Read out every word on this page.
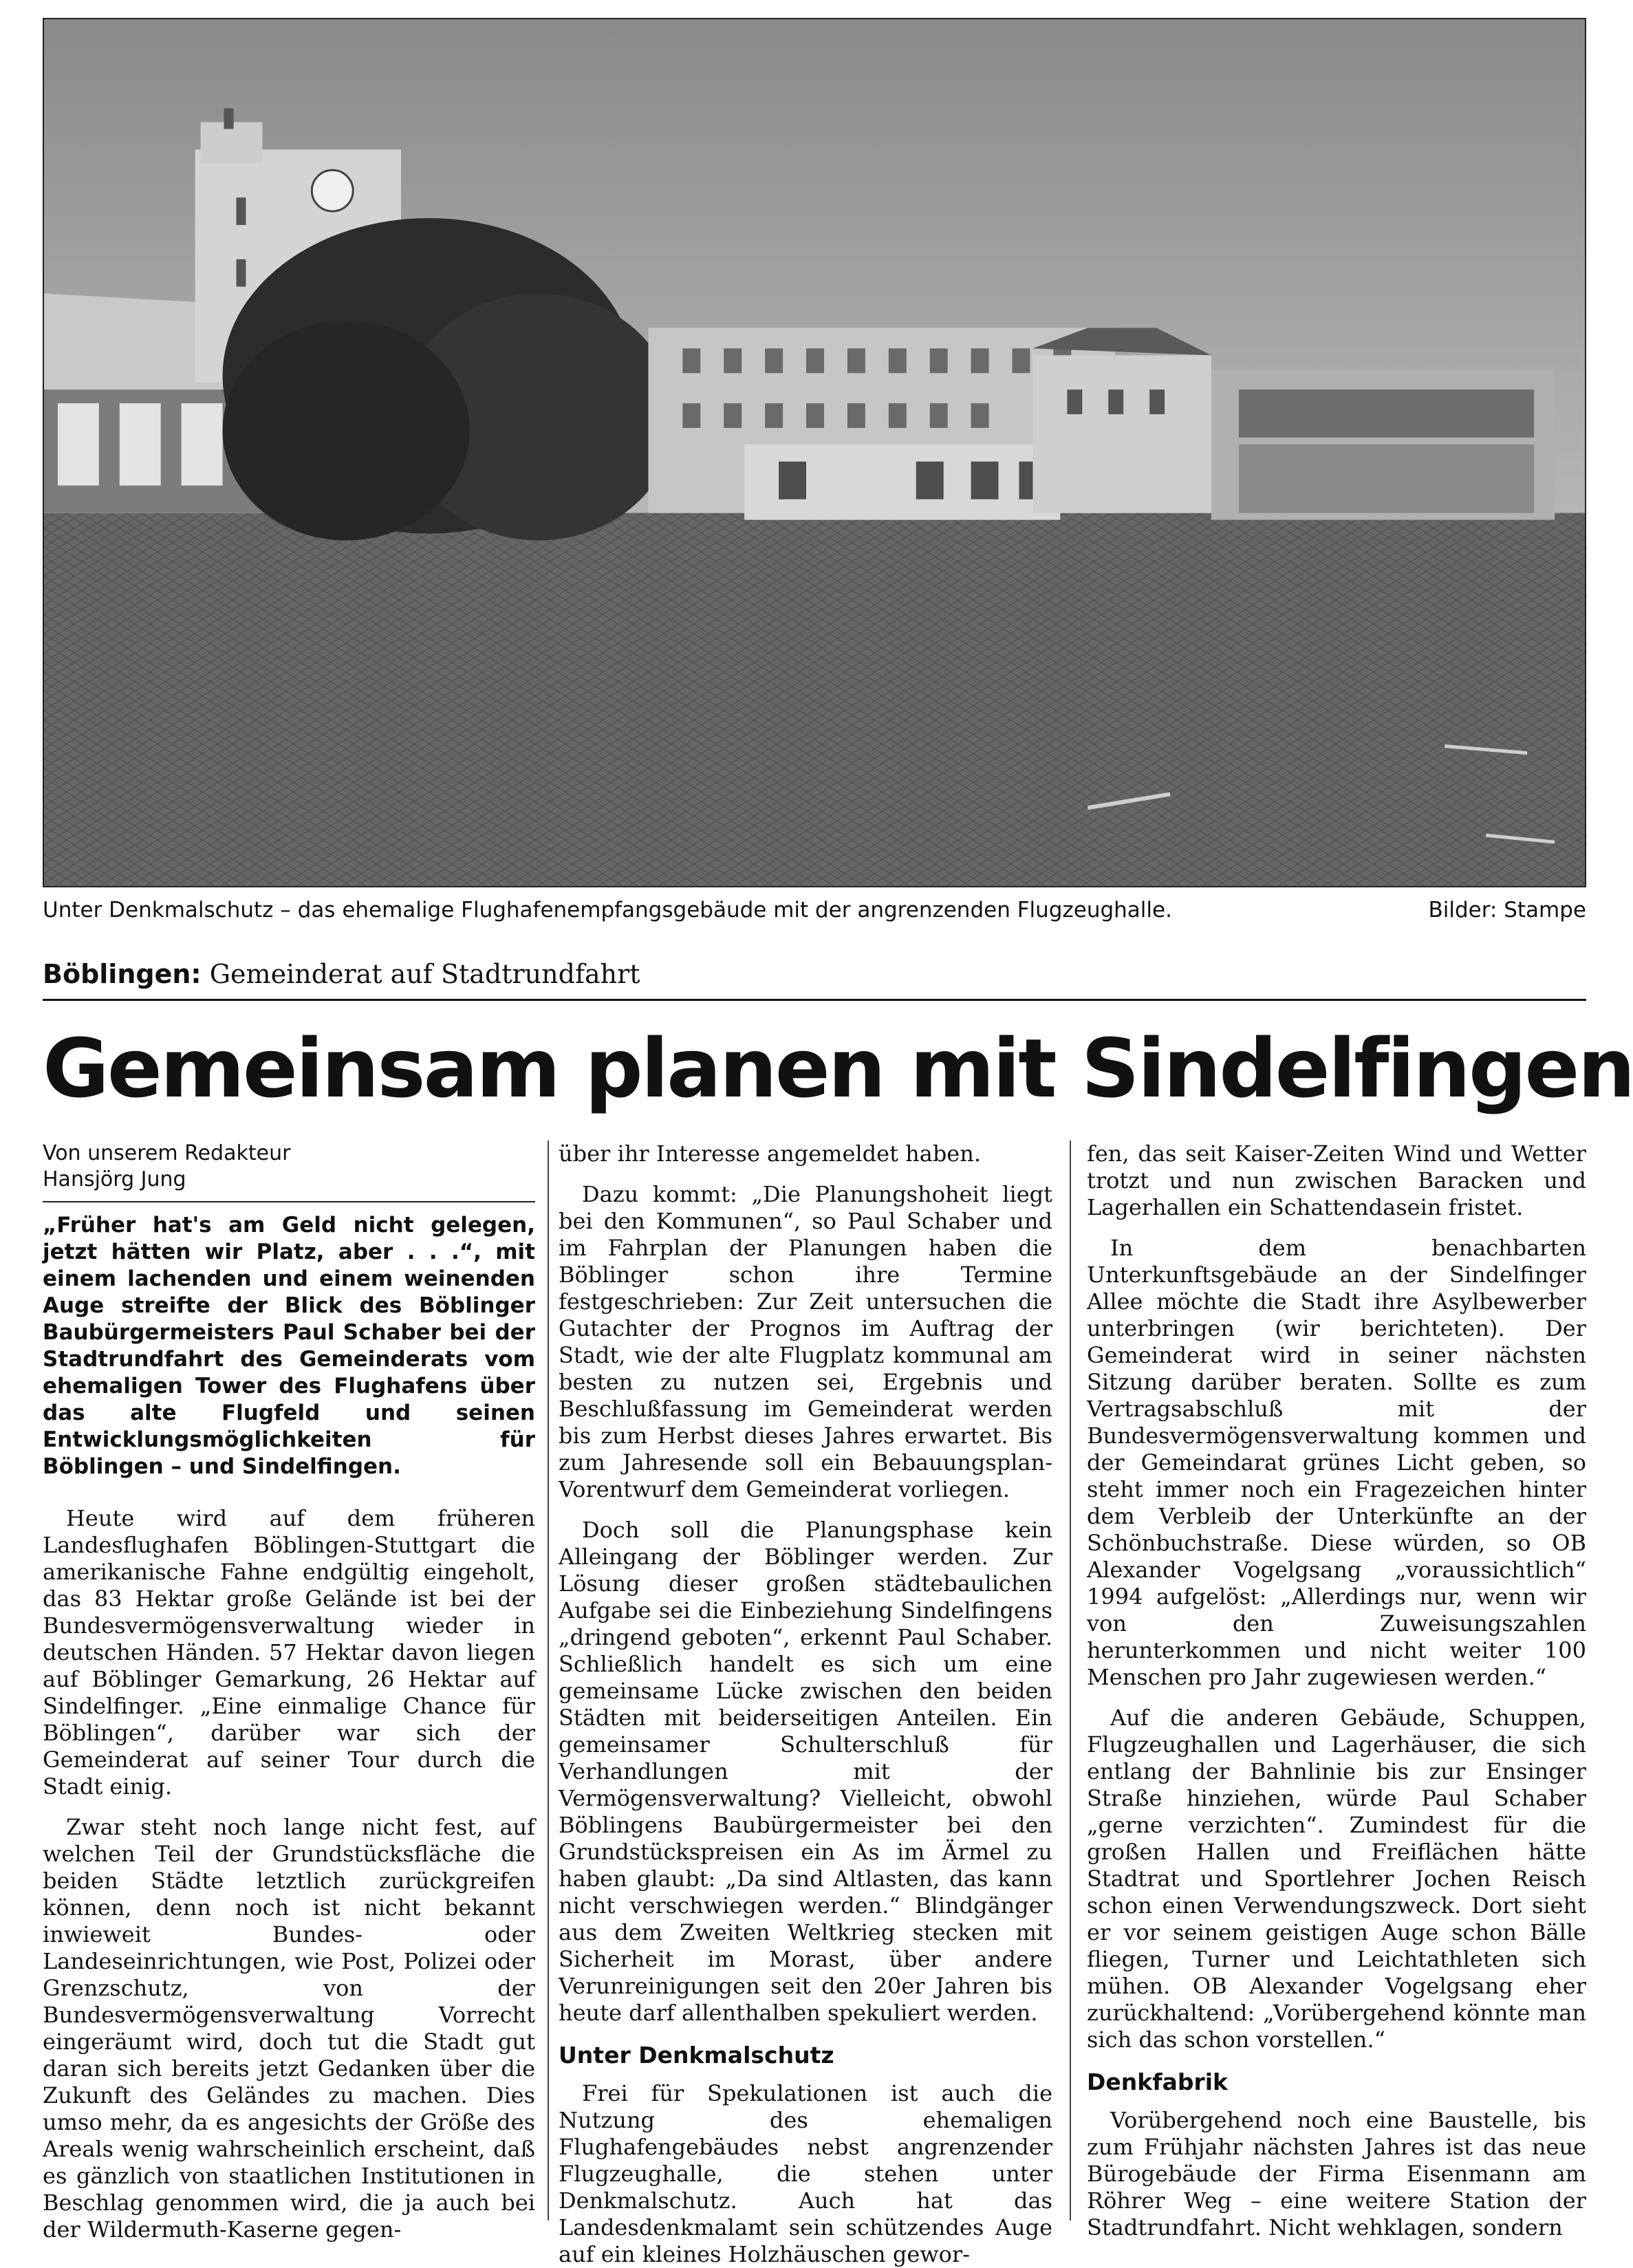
Unter Denkmalschutz – das ehemalige Flughafenempfangsgebäude mit der angrenzenden Flugzeughalle.	Bilder: Stampe
Böblingen: Gemeinderat auf Stadtrundfahrt
Gemeinsam planen mit Sindelfingen
Von unserem Redakteur
Hansjörg Jung
„Früher hat's am Geld nicht gelegen, jetzt hätten wir Platz, aber . . .“, mit einem lachenden und einem weinenden Auge streifte der Blick des Böblinger Baubürgermeisters Paul Schaber bei der Stadtrundfahrt des Gemeinderats vom ehemaligen Tower des Flughafens über das alte Flugfeld und seinen Entwicklungsmöglichkeiten für Böblingen – und Sindelfingen.

Heute wird auf dem früheren Landesflughafen Böblingen-Stuttgart die amerikanische Fahne endgültig eingeholt, das 83 Hektar große Gelände ist bei der Bundesvermögensverwaltung wieder in deutschen Händen. 57 Hektar davon liegen auf Böblinger Gemarkung, 26 Hektar auf Sindelfinger. „Eine einmalige Chance für Böblingen“, darüber war sich der Gemeinderat auf seiner Tour durch die Stadt einig.

Zwar steht noch lange nicht fest, auf welchen Teil der Grundstücksfläche die beiden Städte letztlich zurückgreifen können, denn noch ist nicht bekannt inwieweit Bundes- oder Landeseinrichtungen, wie Post, Polizei oder Grenzschutz, von der Bundesvermögensverwaltung Vorrecht eingeräumt wird, doch tut die Stadt gut daran sich bereits jetzt Gedanken über die Zukunft des Geländes zu machen. Dies umso mehr, da es angesichts der Größe des Areals wenig wahrscheinlich erscheint, daß es gänzlich von staatlichen Institutionen in Beschlag genommen wird, die ja auch bei der Wildermuth-Kaserne gegen-

über ihr Interesse angemeldet haben.

Dazu kommt: „Die Planungshoheit liegt bei den Kommunen“, so Paul Schaber und im Fahrplan der Planungen haben die Böblinger schon ihre Termine festgeschrieben: Zur Zeit untersuchen die Gutachter der Prognos im Auftrag der Stadt, wie der alte Flugplatz kommunal am besten zu nutzen sei, Ergebnis und Beschlußfassung im Gemeinderat werden bis zum Herbst dieses Jahres erwartet. Bis zum Jahresende soll ein Bebauungsplan-Vorentwurf dem Gemeinderat vorliegen.

Doch soll die Planungsphase kein Alleingang der Böblinger werden. Zur Lösung dieser großen städtebaulichen Aufgabe sei die Einbeziehung Sindelfingens „dringend geboten“, erkennt Paul Schaber. Schließlich handelt es sich um eine gemeinsame Lücke zwischen den beiden Städten mit beiderseitigen Anteilen. Ein gemeinsamer Schulterschluß für Verhandlungen mit der Vermögensverwaltung? Vielleicht, obwohl Böblingens Baubürgermeister bei den Grundstückspreisen ein As im Ärmel zu haben glaubt: „Da sind Altlasten, das kann nicht verschwiegen werden.“ Blindgänger aus dem Zweiten Weltkrieg stecken mit Sicherheit im Morast, über andere Verunreinigungen seit den 20er Jahren bis heute darf allenthalben spekuliert werden.

Unter Denkmalschutz

Frei für Spekulationen ist auch die Nutzung des ehemaligen Flughafengebäudes nebst angrenzender Flugzeughalle, die stehen unter Denkmalschutz. Auch hat das Landesdenkmalamt sein schützendes Auge auf ein kleines Holzhäuschen gewor-

fen, das seit Kaiser-Zeiten Wind und Wetter trotzt und nun zwischen Baracken und Lagerhallen ein Schattendasein fristet.

In dem benachbarten Unterkunftsgebäude an der Sindelfinger Allee möchte die Stadt ihre Asylbewerber unterbringen (wir berichteten). Der Gemeinderat wird in seiner nächsten Sitzung darüber beraten. Sollte es zum Vertragsabschluß mit der Bundesvermögensverwaltung kommen und der Gemeindarat grünes Licht geben, so steht immer noch ein Fragezeichen hinter dem Verbleib der Unterkünfte an der Schönbuchstraße. Diese würden, so OB Alexander Vogelgsang „voraussichtlich“ 1994 aufgelöst: „Allerdings nur, wenn wir von den Zuweisungszahlen herunterkommen und nicht weiter 100 Menschen pro Jahr zugewiesen werden.“

Auf die anderen Gebäude, Schuppen, Flugzeughallen und Lagerhäuser, die sich entlang der Bahnlinie bis zur Ensinger Straße hinziehen, würde Paul Schaber „gerne verzichten“. Zumindest für die großen Hallen und Freiflächen hätte Stadtrat und Sportlehrer Jochen Reisch schon einen Verwendungszweck. Dort sieht er vor seinem geistigen Auge schon Bälle fliegen, Turner und Leichtathleten sich mühen. OB Alexander Vogelgsang eher zurückhaltend: „Vorübergehend könnte man sich das schon vorstellen.“

Denkfabrik

Vorübergehend noch eine Baustelle, bis zum Frühjahr nächsten Jahres ist das neue Bürogebäude der Firma Eisenmann am Röhrer Weg – eine weitere Station der Stadtrundfahrt. Nicht wehklagen, sondern
